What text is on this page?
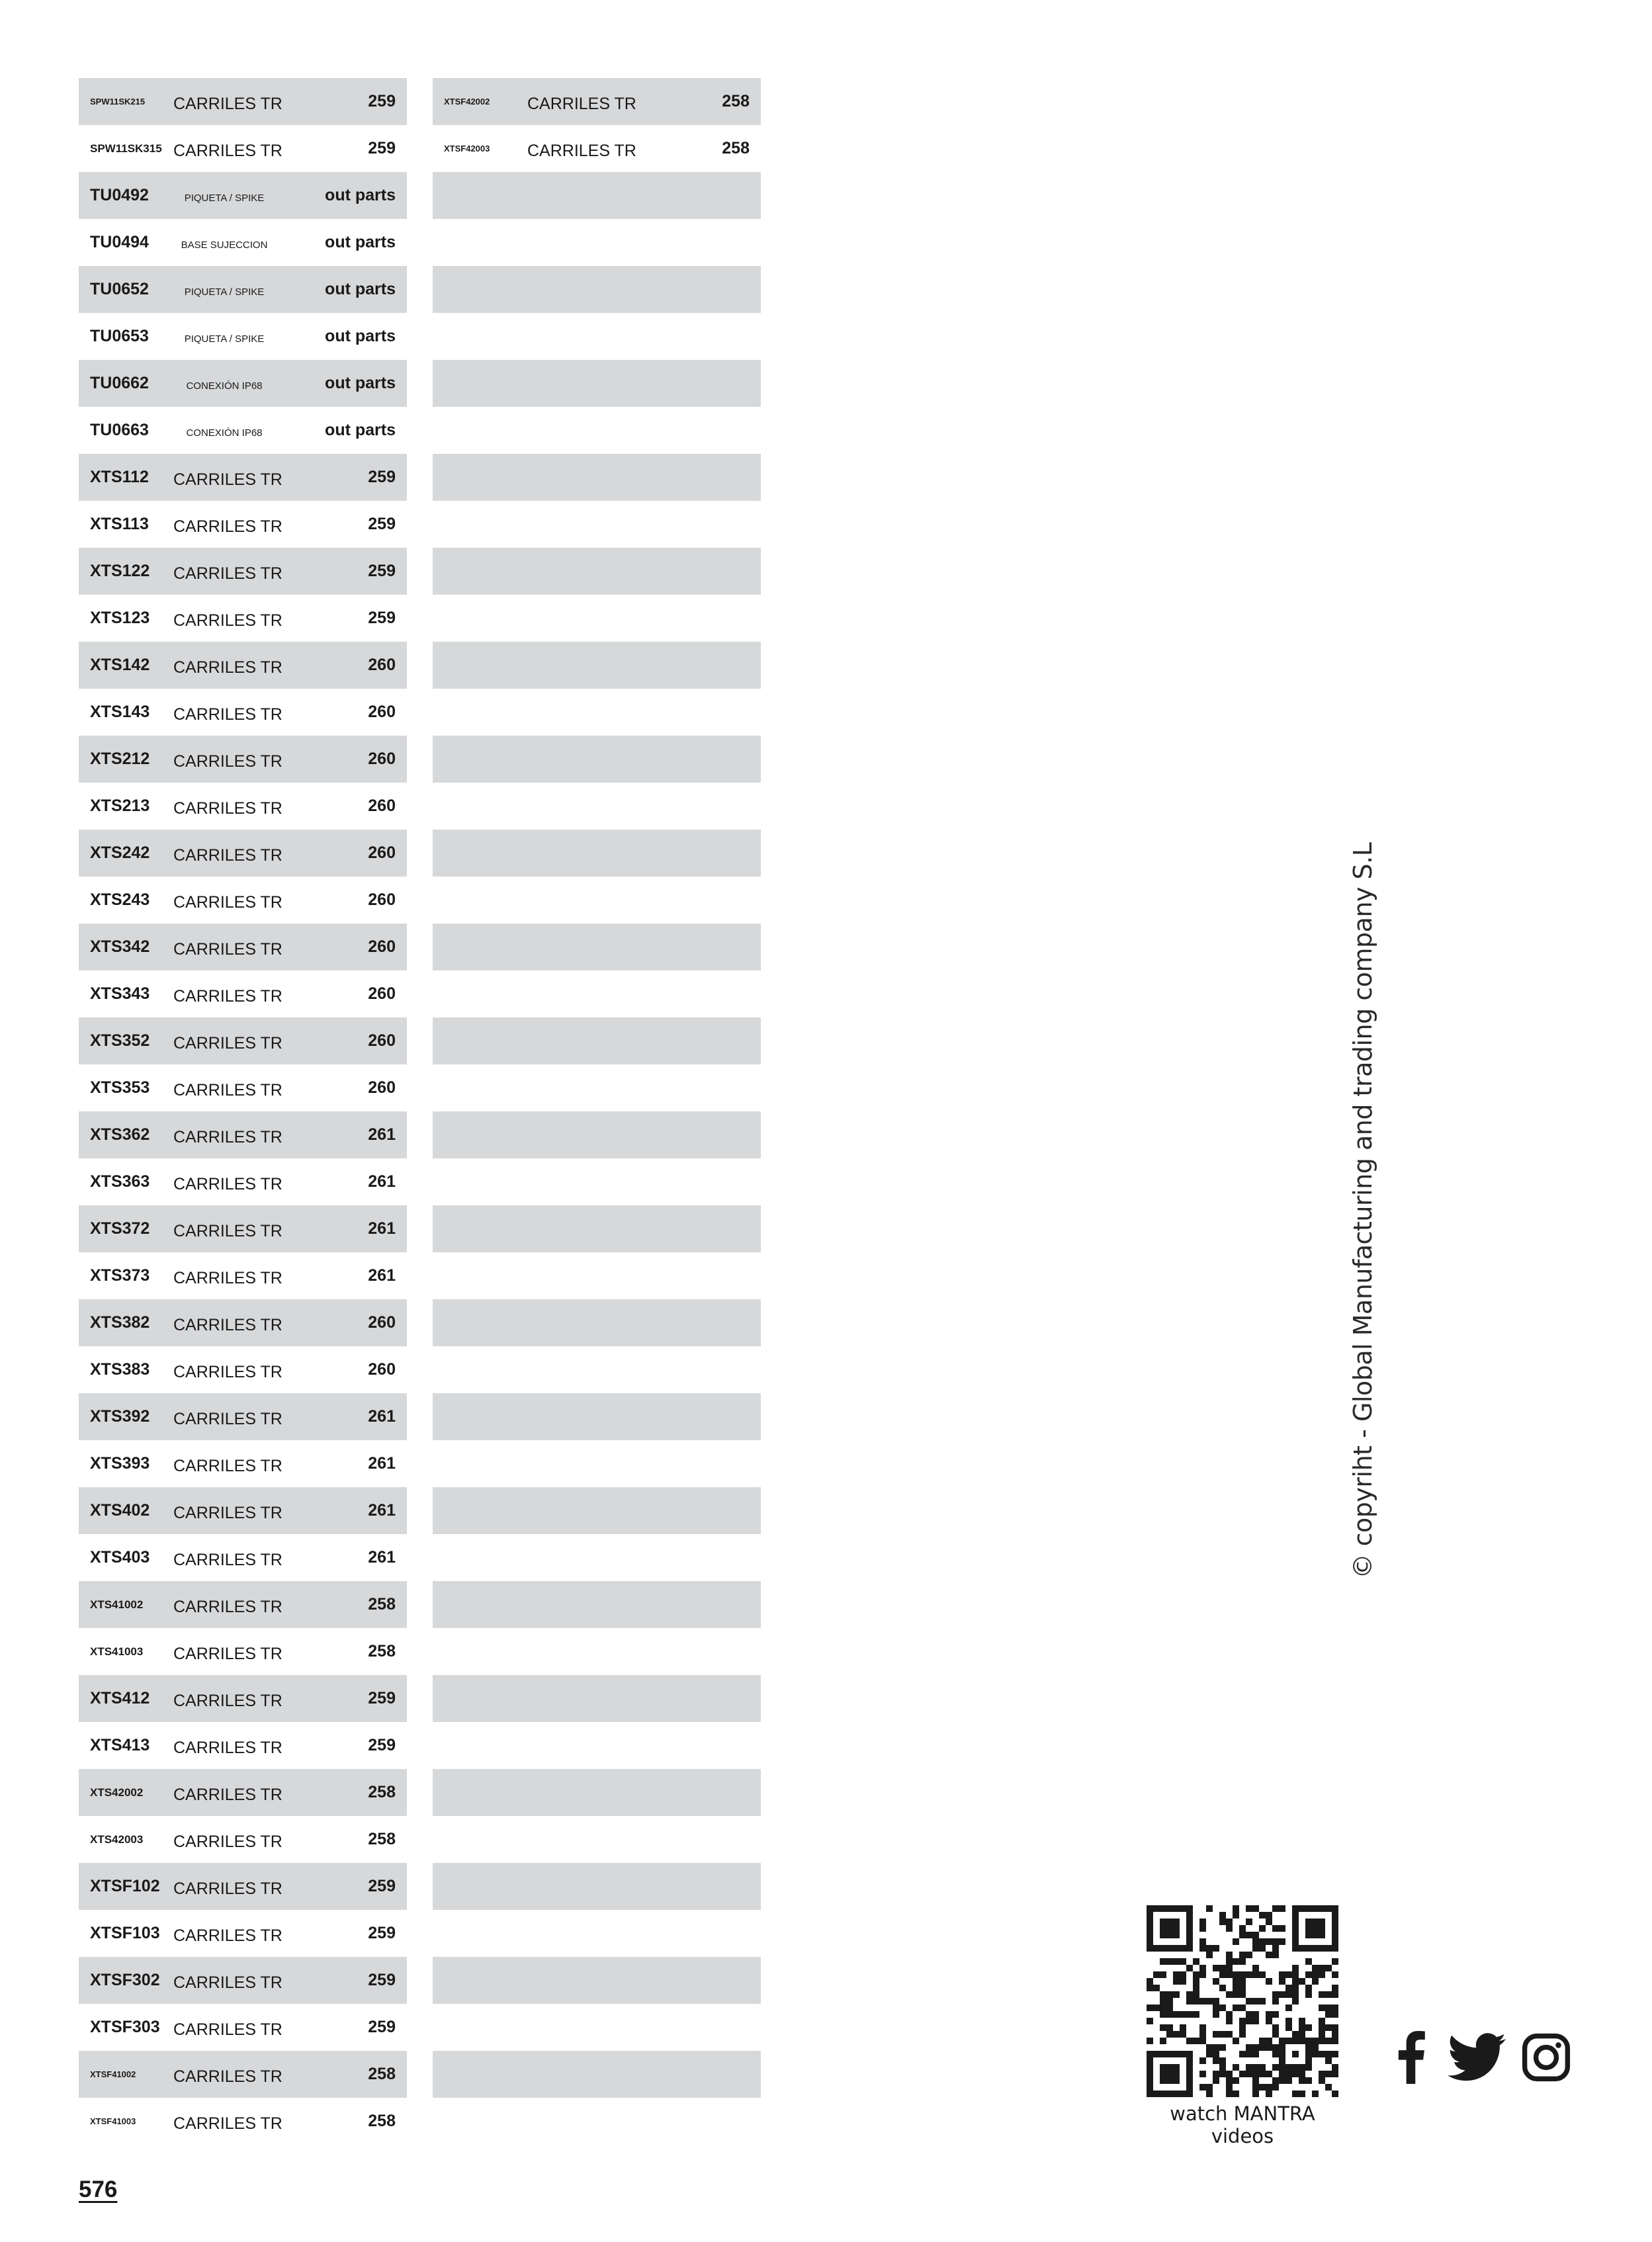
SPW11SK215 CARRILES TR	259
SPW11SK315 CARRILES TR	259
TU0492	PIQUETA / SPIKE	out parts
TU0494	BASE SUJECCION	out parts
TU0652	PIQUETA / SPIKE	out parts
TU0653	PIQUETA / SPIKE	out parts
TU0662	CONEXIÓN IP68	out parts
TU0663	CONEXIÓN IP68	out parts
XTS112 CARRILES TR	259
XTS113 CARRILES TR	259
XTS122 CARRILES TR	259
XTS123 CARRILES TR	259
XTS142 CARRILES TR	260
XTS143 CARRILES TR	260
XTS212 CARRILES TR	260
XTS213 CARRILES TR	260
XTS242 CARRILES TR	260
XTS243 CARRILES TR	260
XTS342 CARRILES TR	260
XTS343 CARRILES TR	260
XTS352 CARRILES TR	260
XTS353 CARRILES TR	260
XTS362 CARRILES TR	261
XTS363 CARRILES TR	261
XTS372 CARRILES TR	261
XTS373 CARRILES TR	261
XTS382 CARRILES TR	260
XTS383 CARRILES TR	260
XTS392 CARRILES TR	261
XTS393 CARRILES TR	261
XTS402 CARRILES TR	261
XTS403 CARRILES TR	261
XTS41002 CARRILES TR	258
XTS41003 CARRILES TR	258
XTS412 CARRILES TR	259
XTS413 CARRILES TR	259
XTS42002 CARRILES TR	258
XTS42003 CARRILES TR	258
XTSF102 CARRILES TR	259
XTSF103 CARRILES TR	259
XTSF302 CARRILES TR	259
XTSF303 CARRILES TR	259
XTSF41002 CARRILES TR	258
XTSF41003 CARRILES TR	258
XTSF42002 CARRILES TR	258
XTSF42003 CARRILES TR	258
© copyriht - Global Manufacturing and trading company S.L
watch MANTRA videos
576
